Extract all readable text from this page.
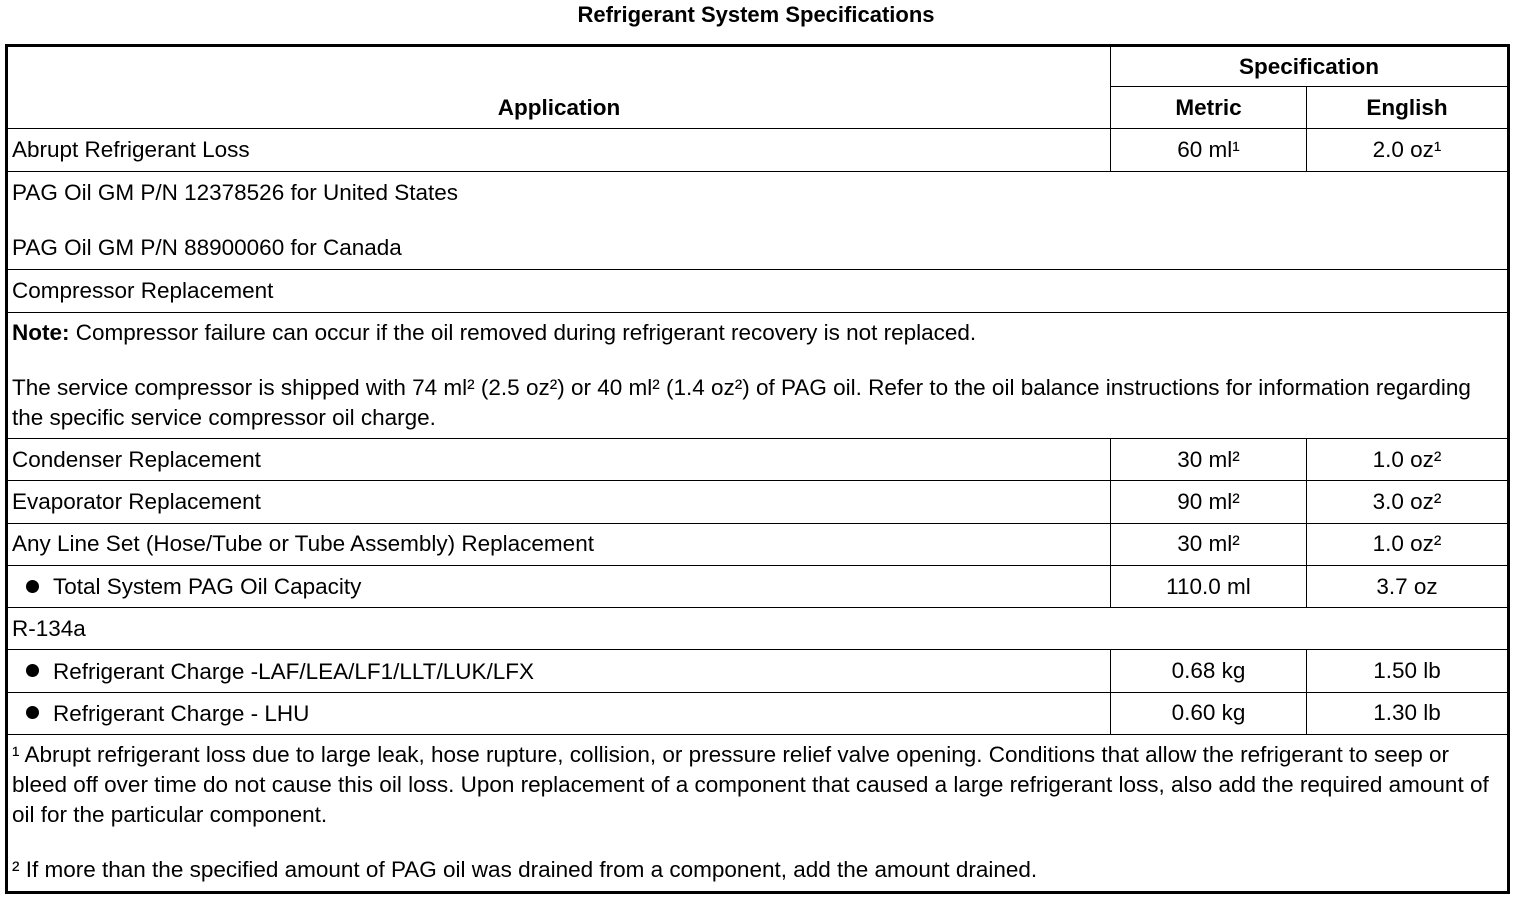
Refrigerant System Specifications
Application	Specification	
	Metric	English
Abrupt Refrigerant Loss	60 ml¹	2.0 oz¹

PAG Oil GM P/N 12378526 for United States

PAG Oil GM P/N 88900060 for Canada		

Compressor Replacement		

Note: Compressor failure can occur if the oil removed during refrigerant recovery is not replaced.

The service compressor is shipped with 74 ml² (2.5 oz²) or 40 ml² (1.4 oz²) of PAG oil. Refer to the oil balance instructions for information regarding the specific service compressor oil charge.		

Condenser Replacement	30 ml²	1.0 oz²
Evaporator Replacement	90 ml²	3.0 oz²
Any Line Set (Hose/Tube or Tube Assembly) Replacement	30 ml²	1.0 oz²
Total System PAG Oil Capacity	110.0 ml	3.7 oz
R-134a		
Refrigerant Charge -LAF/LEA/LF1/LLT/LUK/LFX	0.68 kg	1.50 lb
Refrigerant Charge - LHU	0.60 kg	1.30 lb

¹ Abrupt refrigerant loss due to large leak, hose rupture, collision, or pressure relief valve opening. Conditions that allow the refrigerant to seep or bleed off over time do not cause this oil loss. Upon replacement of a component that caused a large refrigerant loss, also add the required amount of oil for the particular component.

² If more than the specified amount of PAG oil was drained from a component, add the amount drained.		
